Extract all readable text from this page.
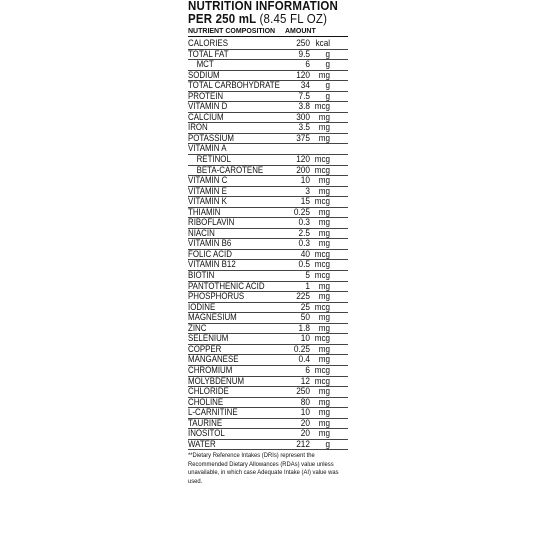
NUTRITION INFORMATION
PER 250 mL (8.45 FL OZ)
NUTRIENT COMPOSITION	AMOUNT
CALORIES	250 kcal
TOTAL FAT	9.5	g
MCT	6	g
SODIUM	120 mg
TOTAL CARBOHYDRATE	34	g
PROTEIN	7.5	g
VITAMIN D	3.8 mcg
CALCIUM	300 mg
IRON	3.5 mg
POTASSIUM	375 mg
VITAMIN A
RETINOL	120 mcg
BETA-CAROTENE	200 mcg
VITAMIN C	10 mg
VITAMIN E	3 mg
VITAMIN K	15 mcg
THIAMIN	0.25 mg
RIBOFLAVIN	0.3 mg
NIACIN	2.5 mg
VITAMIN B6	0.3 mg
FOLIC ACID	40 mcg
VITAMIN B12	0.5 mcg
BIOTIN	5 mcg
PANTOTHENIC ACID	1 mg
PHOSPHORUS	225 mg
IODINE	25 mcg
MAGNESIUM	50 mg
ZINC	1.8 mg
SELENIUM	10 mcg
COPPER	0.25 mg
MANGANESE	0.4 mg
CHROMIUM	6 mcg
MOLYBDENUM	12 mcg
CHLORIDE	250 mg
CHOLINE	80 mg
L-CARNITINE	10 mg
TAURINE	20 mg
INOSITOL	20 mg
WATER	212	g
**Dietary Reference Intakes (DRIs) represent the Recommended Dietary Allowances (RDAs) value unless unavailable, in which case Adequate Intake (AI) value was used.
